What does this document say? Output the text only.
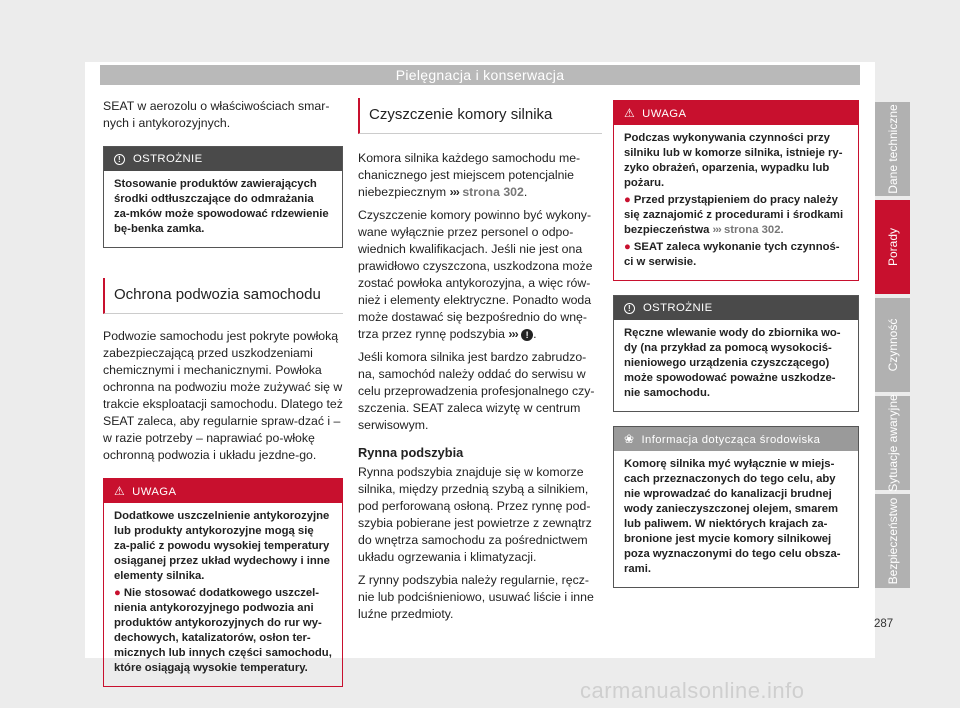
Pielęgnacja i konserwacja

SEAT w aerozolu o właściwościach smar-nych i antykorozyjnych.

! OSTROŻNIE

Stosowanie produktów zawierających środki odtłuszczające do odmrażania za-mków może spowodować rdzewienie bę-benka zamka.

Ochrona podwozia samochodu

Podwozie samochodu jest pokryte powłoką zabezpieczającą przed uszkodzeniami chemicznymi i mechanicznymi. Powłoka ochronna na podwoziu może zużywać się w trakcie eksploatacji samochodu. Dlatego też SEAT zaleca, aby regularnie spraw-dzać i – w razie potrzeby – naprawiać po-włokę ochronną podwozia i układu jezdne-go.

⚠ UWAGA

Dodatkowe uszczelnienie antykorozyjne lub produkty antykorozyjne mogą się za-palić z powodu wysokiej temperatury osiąganej przez układ wydechowy i inne elementy silnika.

● Nie stosować dodatkowego uszczel-nienia antykorozyjnego podwozia ani produktów antykorozyjnych do rur wy-dechowych, katalizatorów, osłon ter-micznych lub innych części samochodu, które osiągają wysokie temperatury.

Czyszczenie komory silnika

Komora silnika każdego samochodu me-chanicznego jest miejscem potencjalnie niebezpiecznym ››› strona 302.

Czyszczenie komory powinno być wykony-wane wyłącznie przez personel o odpo-wiednich kwalifikacjach. Jeśli nie jest ona prawidłowo czyszczona, uszkodzona może zostać powłoka antykorozyjna, a więc rów-nież i elementy elektryczne. Ponadto woda może dostawać się bezpośrednio do wnę-trza przez rynnę podszybia ››› ! .

Jeśli komora silnika jest bardzo zabrudzo-na, samochód należy oddać do serwisu w celu przeprowadzenia profesjonalnego czy-szczenia. SEAT zaleca wizytę w centrum serwisowym.

Rynna podszybia

Rynna podszybia znajduje się w komorze silnika, między przednią szybą a silnikiem, pod perforowaną osłoną. Przez rynnę pod-szybia pobierane jest powietrze z zewnątrz do wnętrza samochodu za pośrednictwem układu ogrzewania i klimatyzacji.

Z rynny podszybia należy regularnie, ręcz-nie lub podciśnieniowo, usuwać liście i inne luźne przedmioty.

⚠ UWAGA

Podczas wykonywania czynności przy silniku lub w komorze silnika, istnieje ry-zyko obrażeń, oparzenia, wypadku lub pożaru.

● Przed przystąpieniem do pracy należy się zaznajomić z procedurami i środkami bezpieczeństwa ››› strona 302.

● SEAT zaleca wykonanie tych czynnoś-ci w serwisie.

! OSTROŻNIE

Ręczne wlewanie wody do zbiornika wo-dy (na przykład za pomocą wysokociś-nieniowego urządzenia czyszczącego) może spowodować poważne uszkodze-nie samochodu.

❀ Informacja dotycząca środowiska

Komorę silnika myć wyłącznie w miejs-cach przeznaczonych do tego celu, aby nie wprowadzać do kanalizacji brudnej wody zanieczyszczonej olejem, smarem lub paliwem. W niektórych krajach za-bronione jest mycie komory silnikowej poza wyznaczonymi do tego celu obsza-rami.

Dane techniczne
Porady
Czynność
Sytuacje awaryjne
Bezpieczeństwo
287
carmanualsonline.info
